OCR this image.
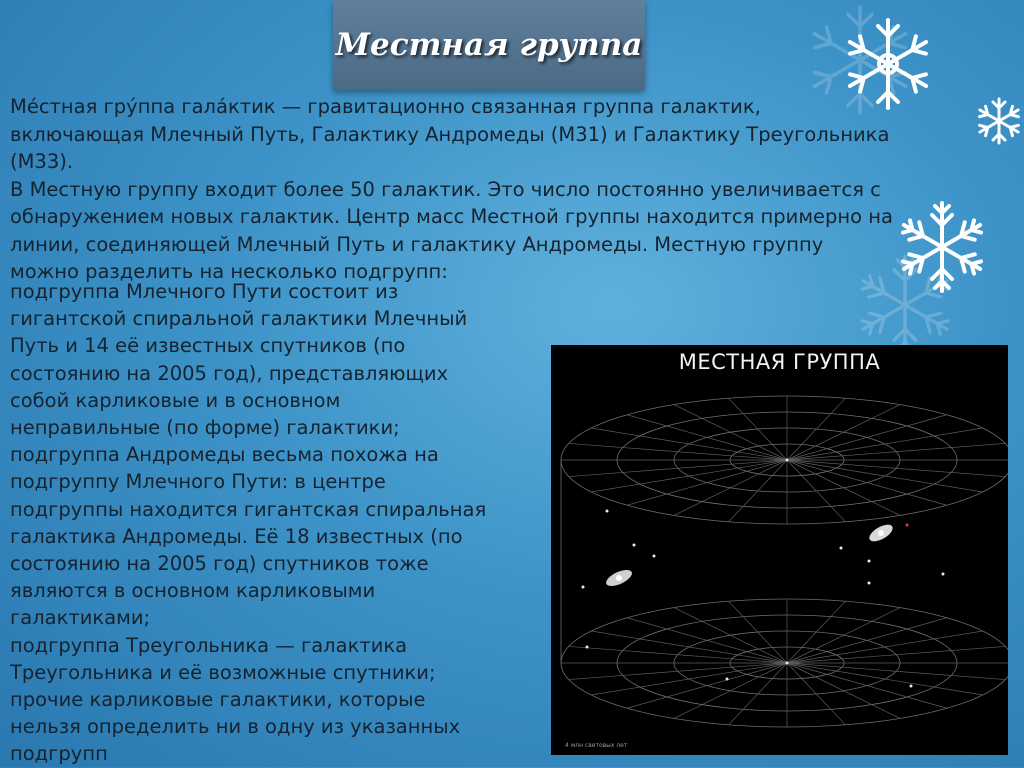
Местная группа
Ме́стная гру́ппа гала́ктик — гравитационно связанная группа галактик,
включающая Млечный Путь, Галактику Андромеды (M31) и Галактику Треугольника
(M33).
В Местную группу входит более 50 галактик. Это число постоянно увеличивается с
обнаружением новых галактик. Центр масс Местной группы находится примерно на
линии, соединяющей Млечный Путь и галактику Андромеды. Местную группу
можно разделить на несколько подгрупп:
подгруппа Млечного Пути состоит из
гигантской спиральной галактики Млечный
Путь и 14 её известных спутников (по
состоянию на 2005 год), представляющих
собой карликовые и в основном
неправильные (по форме) галактики;
подгруппа Андромеды весьма похожа на
подгруппу Млечного Пути: в центре
подгруппы находится гигантская спиральная
галактика Андромеды. Её 18 известных (по
состоянию на 2005 год) спутников тоже
являются в основном карликовыми
галактиками;
подгруппа Треугольника — галактика
Треугольника и её возможные спутники;
прочие карликовые галактики, которые
нельзя определить ни в одну из указанных
подгрупп
МЕСТНАЯ ГРУППА
4 млн световых лет
